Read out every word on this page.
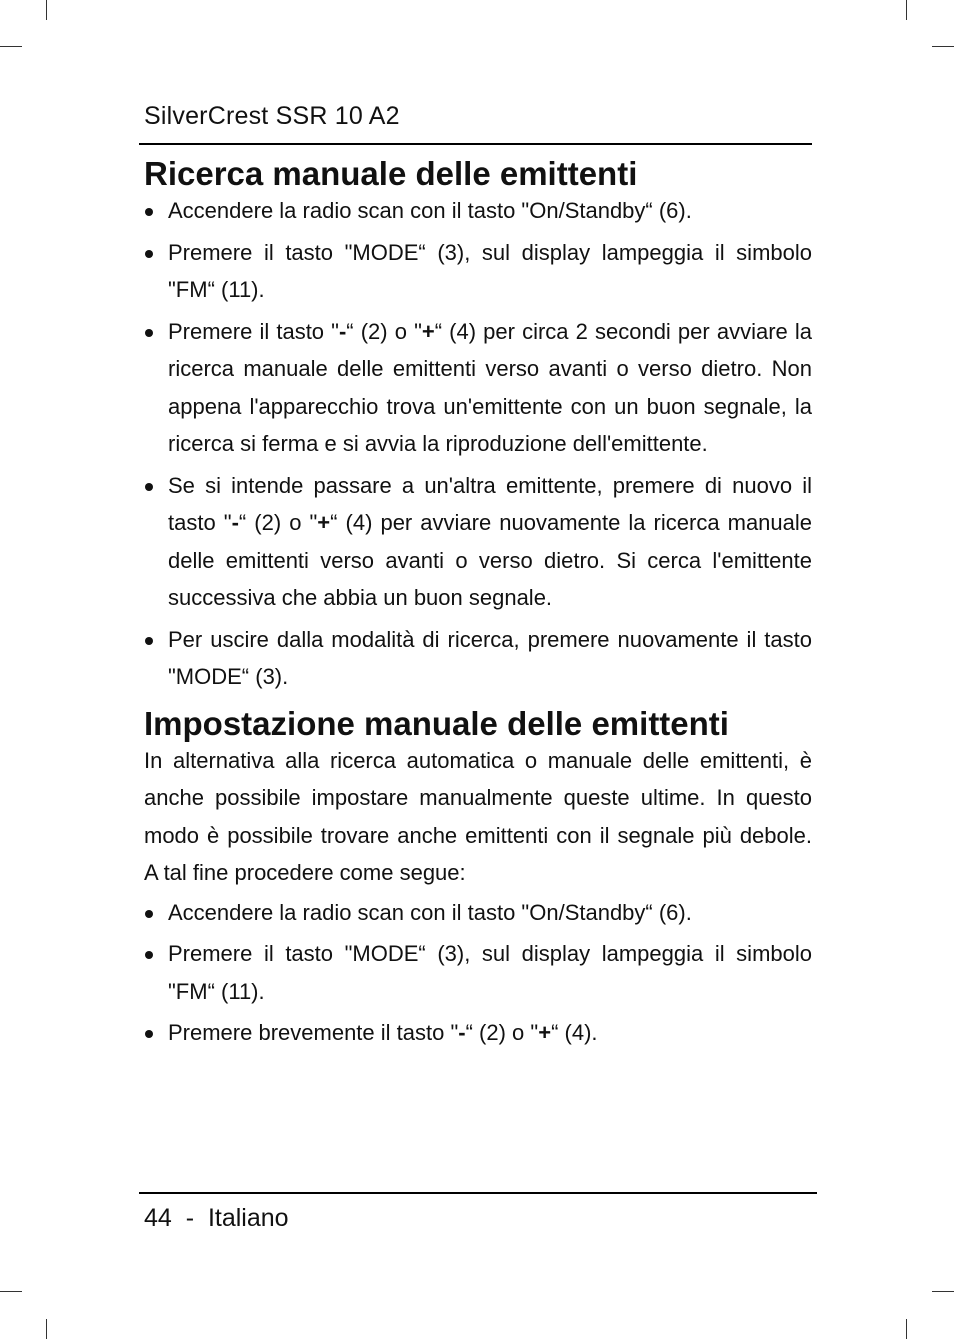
SilverCrest SSR 10 A2
Ricerca manuale delle emittenti
Accendere la radio scan con il tasto "On/Standby“ (6).
Premere il tasto "MODE“ (3), sul display lampeggia il simbolo "FM“ (11).
Premere il tasto "-“ (2) o "+“ (4) per circa 2 secondi per avviare la ricerca manuale delle emittenti verso avanti o verso dietro. Non appena l'apparecchio trova un'emittente con un buon segnale, la ricerca si ferma e si avvia la riproduzione dell'emittente.
Se si intende passare a un'altra emittente, premere di nuovo il tasto "-“ (2) o "+“ (4) per avviare nuovamente la ricerca manuale delle emittenti verso avanti o verso dietro. Si cerca l'emittente successiva che abbia un buon segnale.
Per uscire dalla modalità di ricerca, premere nuovamente il tasto "MODE“ (3).
Impostazione manuale delle emittenti

In alternativa alla ricerca automatica o manuale delle emittenti, è anche possibile impostare manualmente queste ultime. In questo modo è possibile trovare anche emittenti con il segnale più debole. A tal fine procedere come segue:

Accendere la radio scan con il tasto "On/Standby“ (6).
Premere il tasto "MODE“ (3), sul display lampeggia il simbolo "FM“ (11).
Premere brevemente il tasto "-“ (2) o "+“ (4).
44 - Italiano
